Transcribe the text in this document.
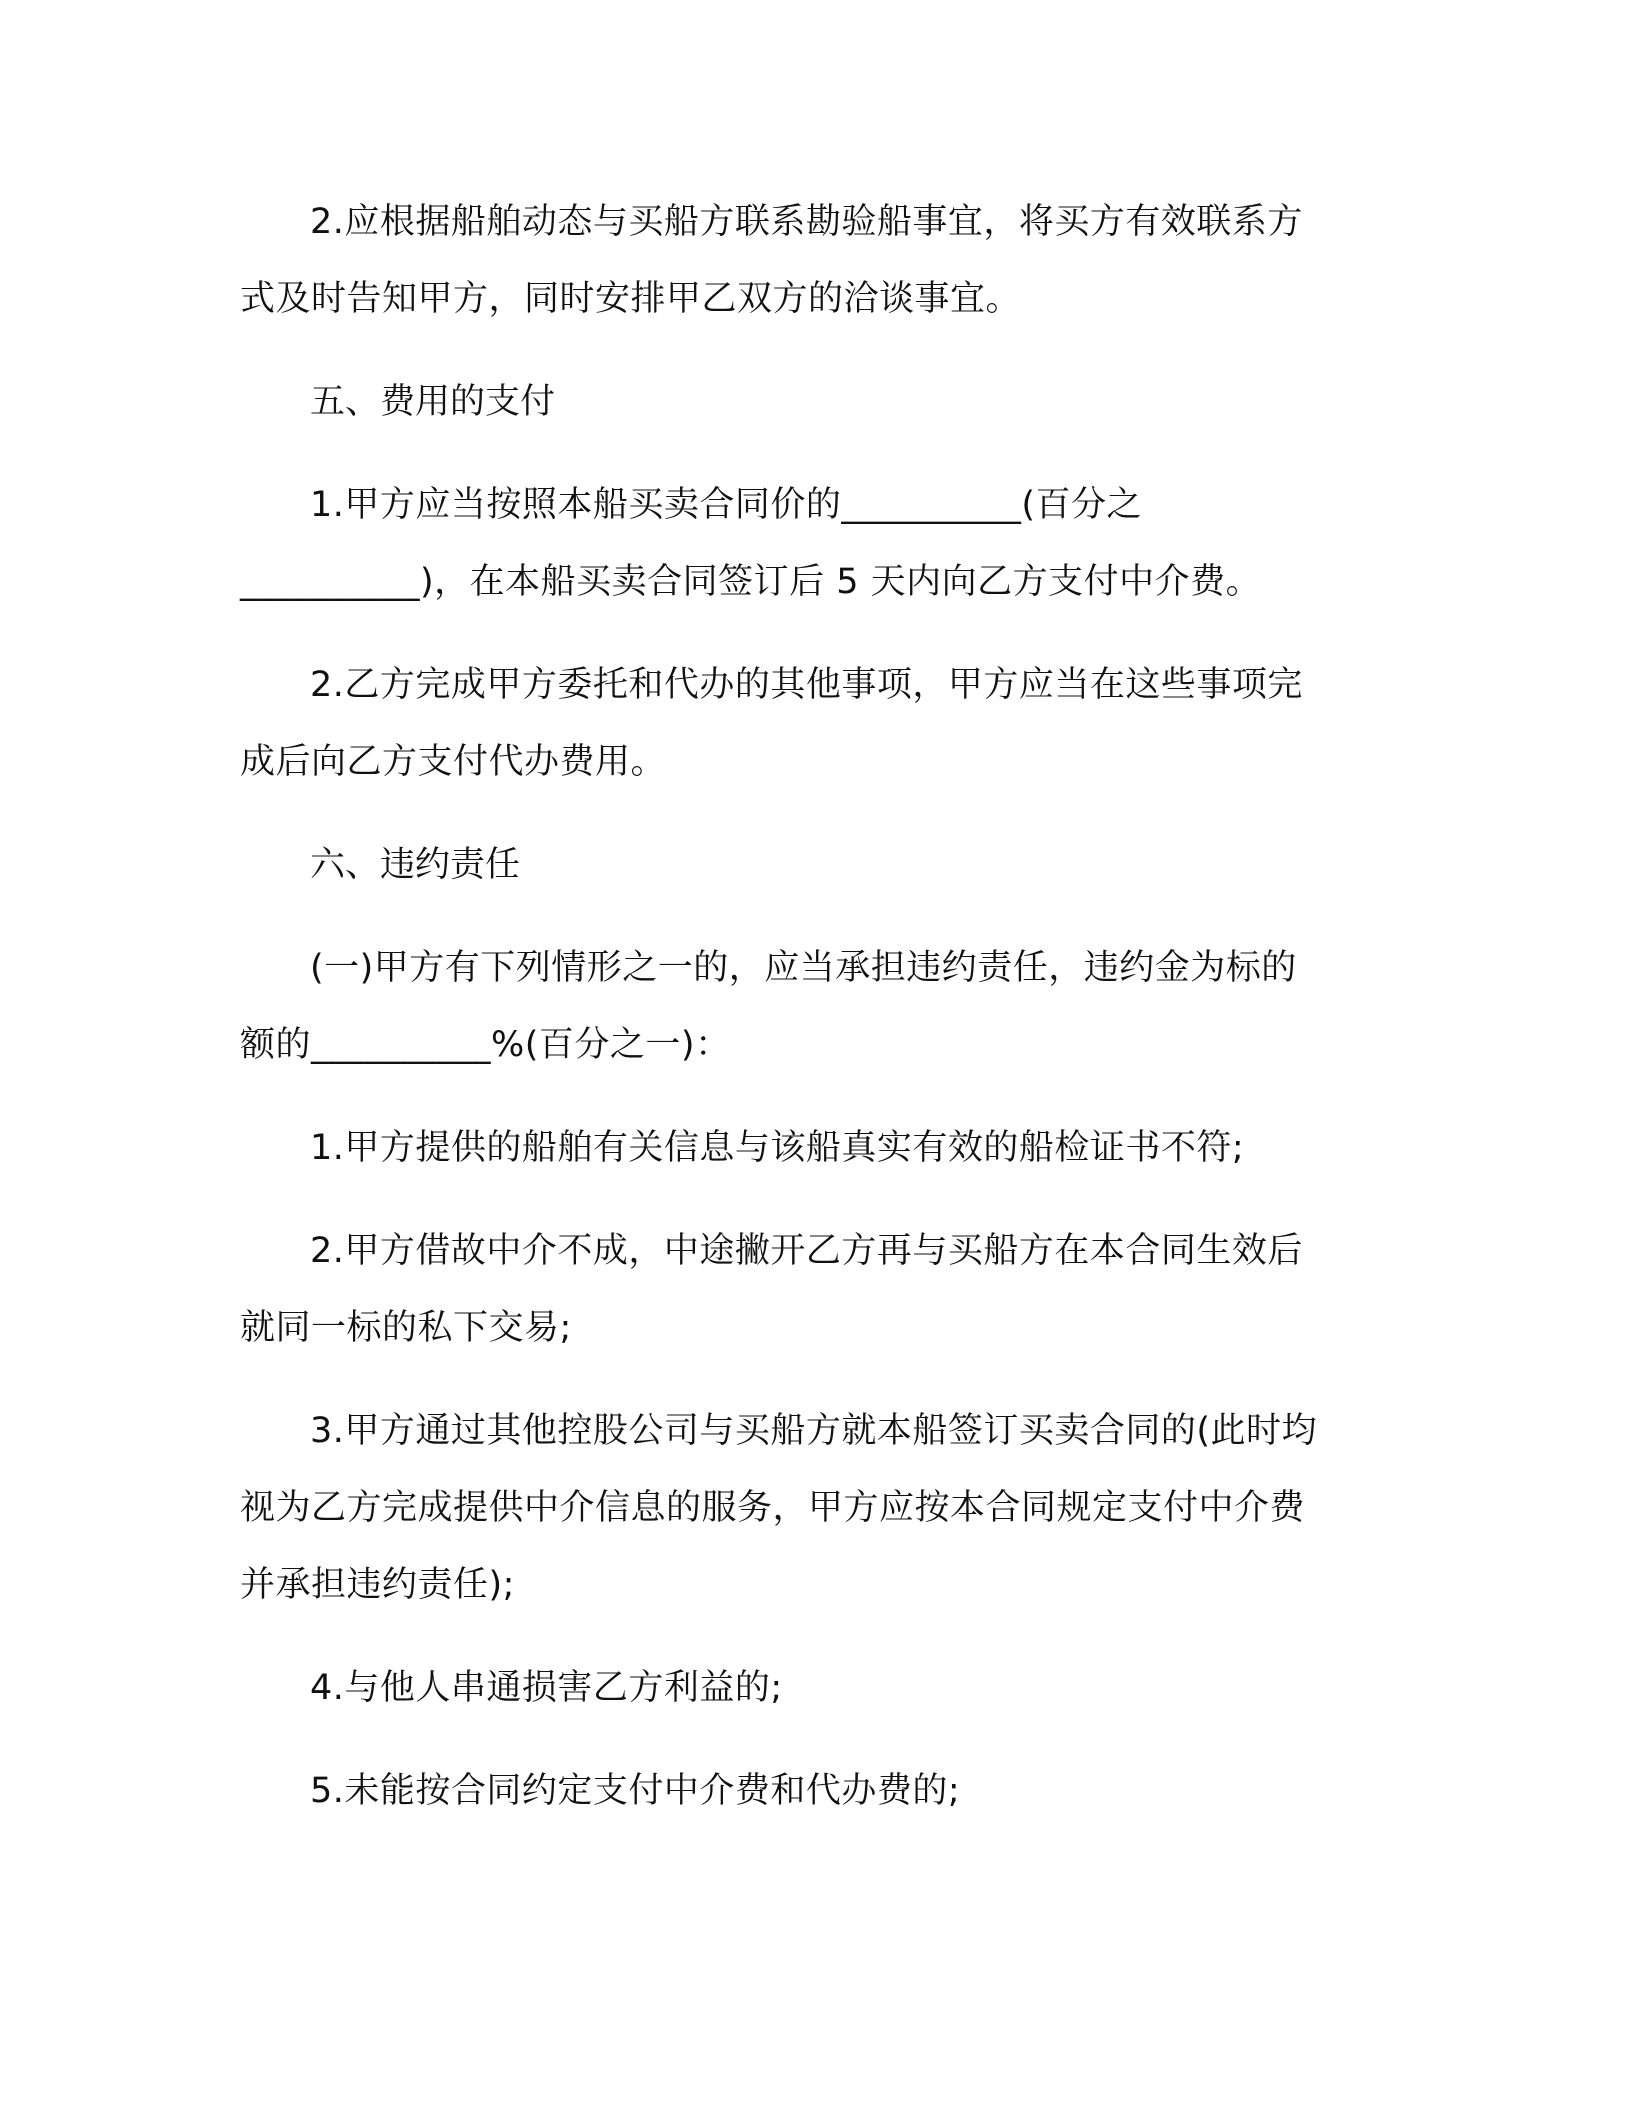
2.应根据船舶动态与买船方联系勘验船事宜，将买方有效联系方
式及时告知甲方，同时安排甲乙双方的洽谈事宜。

五、费用的支付

1.甲方应当按照本船买卖合同价的__________(百分之
__________)，在本船买卖合同签订后 5 天内向乙方支付中介费。

2.乙方完成甲方委托和代办的其他事项，甲方应当在这些事项完
成后向乙方支付代办费用。

六、违约责任

(一)甲方有下列情形之一的，应当承担违约责任，违约金为标的
额的__________%(百分之一)：

1.甲方提供的船舶有关信息与该船真实有效的船检证书不符;

2.甲方借故中介不成，中途撇开乙方再与买船方在本合同生效后
就同一标的私下交易;

3.甲方通过其他控股公司与买船方就本船签订买卖合同的(此时均
视为乙方完成提供中介信息的服务，甲方应按本合同规定支付中介费
并承担违约责任);

4.与他人串通损害乙方利益的;

5.未能按合同约定支付中介费和代办费的;
